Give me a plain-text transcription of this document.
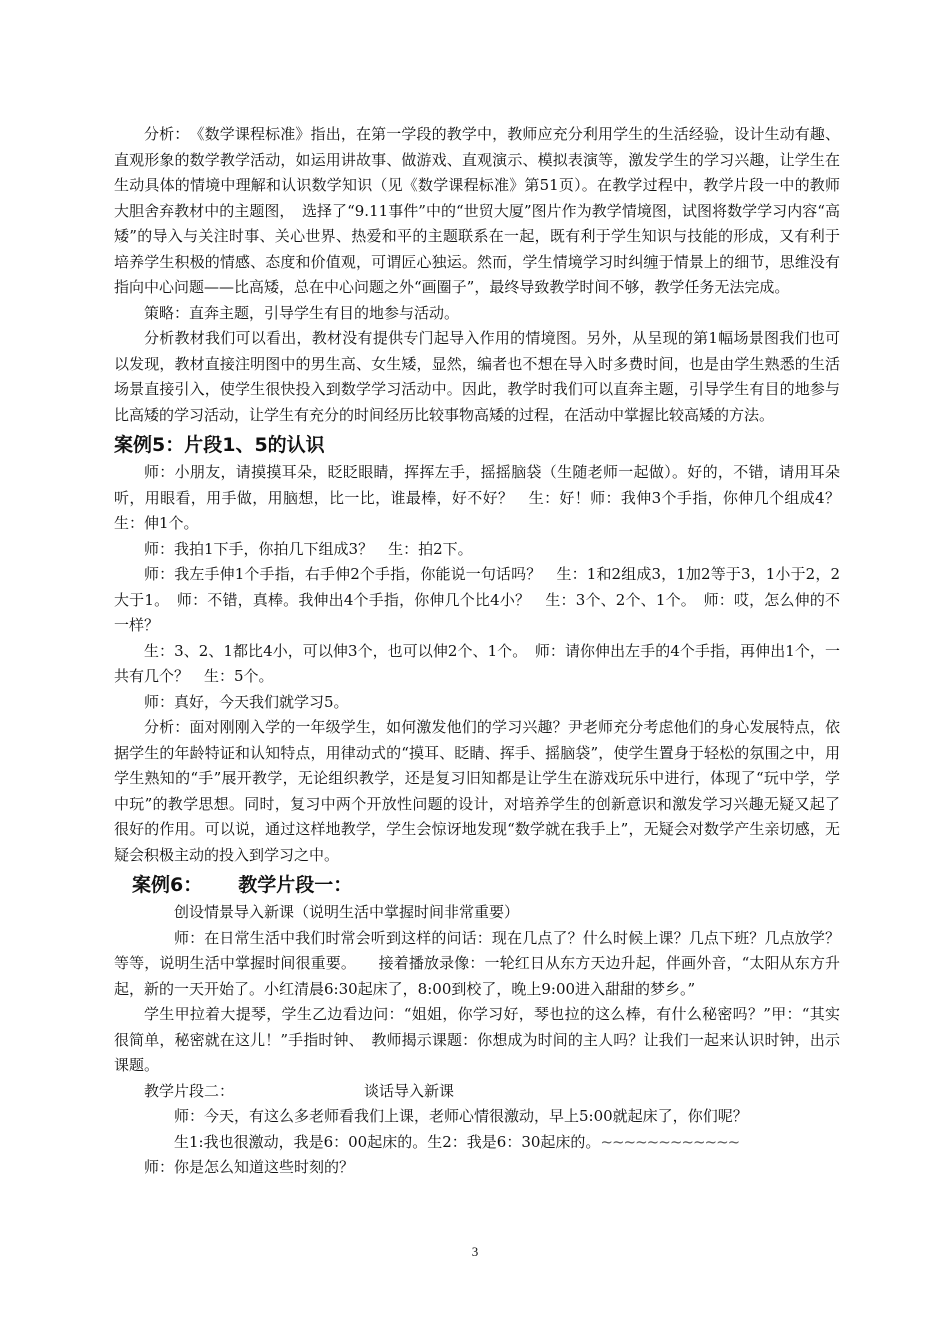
分析：　《数学课程标准》指出，在第一学段的教学中，教师应充分利用学生的生活经验，设计生动有趣、直观形象的数学教学活动，如运用讲故事、做游戏、直观演示、模拟表演等，激发学生的学习兴趣，让学生在生动具体的情境中理解和认识数学知识（见《数学课程标准》第51页）。在教学过程中，教学片段一中的教师大胆舍弃教材中的主题图，　选择了“9.11事件”中的“世贸大厦”图片作为教学情境图，试图将数学学习内容“高矮”的导入与关注时事、关心世界、热爱和平的主题联系在一起，既有利于学生知识与技能的形成，又有利于培养学生积极的情感、态度和价值观，可谓匠心独运。然而，学生情境学习时纠缠于情景上的细节，思维没有指向中心问题——比高矮，总在中心问题之外“画圈子”，最终导致教学时间不够，教学任务无法完成。

策略：直奔主题，引导学生有目的地参与活动。

分析教材我们可以看出，教材没有提供专门起导入作用的情境图。另外，从呈现的第1幅场景图我们也可以发现，教材直接注明图中的男生高、女生矮，显然，编者也不想在导入时多费时间，也是由学生熟悉的生活场景直接引入，使学生很快投入到数学学习活动中。因此，教学时我们可以直奔主题，引导学生有目的地参与比高矮的学习活动，让学生有充分的时间经历比较事物高矮的过程，在活动中掌握比较高矮的方法。

案例5：片段1、5的认识

师：小朋友，请摸摸耳朵，眨眨眼睛，挥挥左手，摇摇脑袋（生随老师一起做）。好的，不错，请用耳朵听，用眼看，用手做，用脑想，比一比，谁最棒，好不好？　生：好！师：我伸3个手指，你伸几个组成4？生：伸1个。

师：我拍1下手，你拍几下组成3？　生：拍2下。

师：我左手伸1个手指，右手伸2个手指，你能说一句话吗？　生：1和2组成3，1加2等于3，1小于2，2大于1。　师：不错，真棒。我伸出4个手指，你伸几个比4小？　生：3个、2个、1个。　师：哎，怎么伸的不一样？

生：3、2、1都比4小，可以伸3个，也可以伸2个、1个。　师：请你伸出左手的4个手指，再伸出1个，一共有几个？　生：5个。

师：真好，今天我们就学习5。

分析：面对刚刚入学的一年级学生，如何激发他们的学习兴趣？尹老师充分考虑他们的身心发展特点，依据学生的年龄特证和认知特点，用律动式的“摸耳、眨睛、挥手、摇脑袋”，使学生置身于轻松的氛围之中，用学生熟知的“手”展开教学，无论组织教学，还是复习旧知都是让学生在游戏玩乐中进行，体现了“玩中学，学中玩”的教学思想。同时，复习中两个开放性问题的设计，对培养学生的创新意识和激发学习兴趣无疑又起了很好的作用。可以说，通过这样地教学，学生会惊讶地发现“数学就在我手上”，无疑会对数学产生亲切感，无疑会积极主动的投入到学习之中。

案例6： 教学片段一：

创设情景导入新课（说明生活中掌握时间非常重要）

师：在日常生活中我们时常会听到这样的问话：现在几点了？什么时候上课？几点下班？几点放学？等等，说明生活中掌握时间很重要。　　接着播放录像：一轮红日从东方天边升起，伴画外音，“太阳从东方升起，新的一天开始了。小红清晨6:30起床了，8:00到校了，晚上9:00进入甜甜的梦乡。”

学生甲拉着大提琴，学生乙边看边问：“姐姐，你学习好，琴也拉的这么棒，有什么秘密吗？”甲：“其实很简单，秘密就在这儿！”手指时钟、　教师揭示课题：你想成为时间的主人吗？让我们一起来认识时钟，出示课题。

教学片段二：	谈话导入新课

师：今天，有这么多老师看我们上课，老师心情很激动，早上5:00就起床了，你们呢？

生1:我也很激动，我是6：00起床的。生2：我是6：30起床的。~~~~~~~~~~~~

师：你是怎么知道这些时刻的？

3
